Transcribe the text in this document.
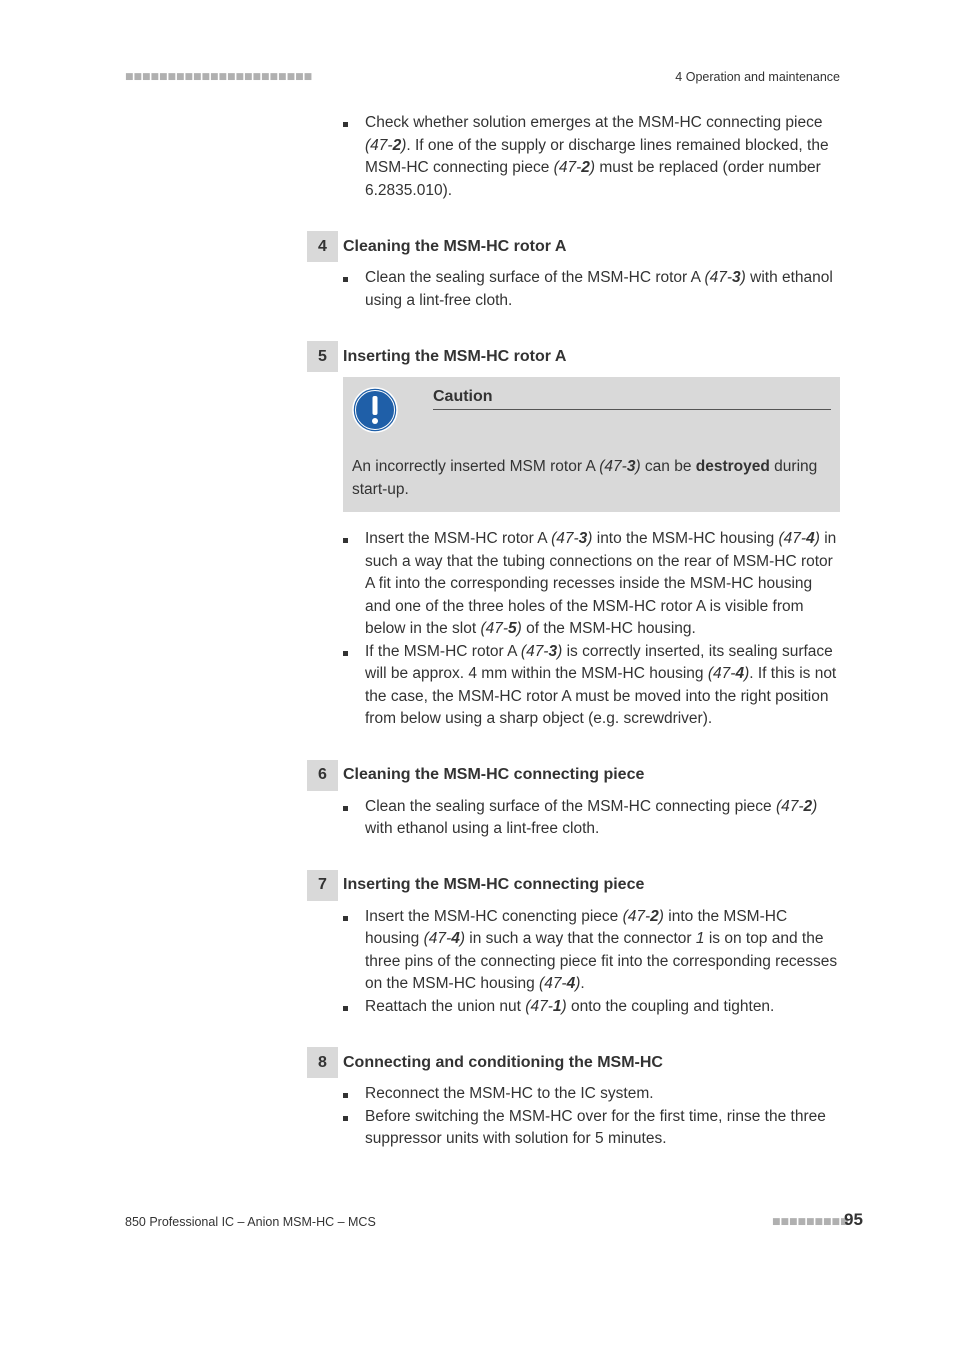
■■■■■■■■■■■■■■■■■■■■■■	4 Operation and maintenance
Check whether solution emerges at the MSM-HC connecting piece (47-2). If one of the supply or discharge lines remained blocked, the MSM-HC connecting piece (47-2) must be replaced (order number 6.2835.010).
4	Cleaning the MSM-HC rotor A
Clean the sealing surface of the MSM-HC rotor A (47-3) with ethanol using a lint-free cloth.
5	Inserting the MSM-HC rotor A
Caution
An incorrectly inserted MSM rotor A (47-3) can be destroyed during start-up.
Insert the MSM-HC rotor A (47-3) into the MSM-HC housing (47-4) in such a way that the tubing connections on the rear of MSM-HC rotor A fit into the corresponding recesses inside the MSM-HC housing and one of the three holes of the MSM-HC rotor A is visible from below in the slot (47-5) of the MSM-HC housing.
If the MSM-HC rotor A (47-3) is correctly inserted, its sealing surface will be approx. 4 mm within the MSM-HC housing (47-4). If this is not the case, the MSM-HC rotor A must be moved into the right position from below using a sharp object (e.g. screwdriver).
6	Cleaning the MSM-HC connecting piece
Clean the sealing surface of the MSM-HC connecting piece (47-2) with ethanol using a lint-free cloth.
7	Inserting the MSM-HC connecting piece
Insert the MSM-HC conencting piece (47-2) into the MSM-HC housing (47-4) in such a way that the connector 1 is on top and the three pins of the connecting piece fit into the corresponding recesses on the MSM-HC housing (47-4).
Reattach the union nut (47-1) onto the coupling and tighten.
8	Connecting and conditioning the MSM-HC
Reconnect the MSM-HC to the IC system.
Before switching the MSM-HC over for the first time, rinse the three suppressor units with solution for 5 minutes.
850 Professional IC – Anion MSM-HC – MCS	■■■■■■■■■
95
